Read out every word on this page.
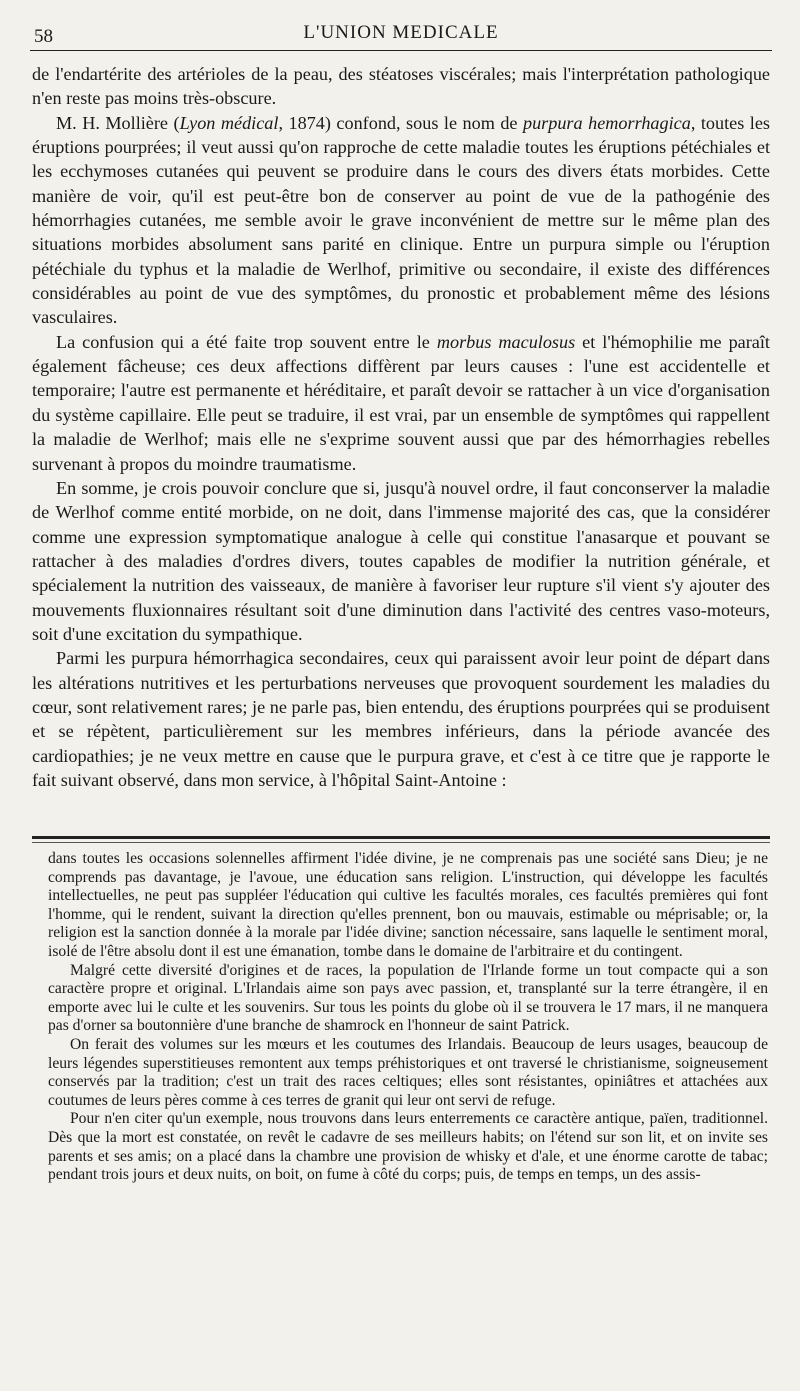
58	L'UNION MEDICALE

de l'endartérite des artérioles de la peau, des stéatoses viscérales; mais l'interprétation pathologique n'en reste pas moins très-obscure.

M. H. Mollière (Lyon médical, 1874) confond, sous le nom de purpura hemorrhagica, toutes les éruptions pourprées; il veut aussi qu'on rapproche de cette maladie toutes les éruptions pétéchiales et les ecchymoses cutanées qui peuvent se produire dans le cours des divers états morbides. Cette manière de voir, qu'il est peut-être bon de conserver au point de vue de la pathogénie des hémorrhagies cutanées, me semble avoir le grave inconvénient de mettre sur le même plan des situations morbides absolument sans parité en clinique. Entre un purpura simple ou l'éruption pétéchiale du typhus et la maladie de Werlhof, primitive ou secondaire, il existe des différences considérables au point de vue des symptômes, du pronostic et probablement même des lésions vasculaires.

La confusion qui a été faite trop souvent entre le morbus maculosus et l'hémophilie me paraît également fâcheuse; ces deux affections diffèrent par leurs causes : l'une est accidentelle et temporaire; l'autre est permanente et héréditaire, et paraît devoir se rattacher à un vice d'organisation du système capillaire. Elle peut se traduire, il est vrai, par un ensemble de symptômes qui rappellent la maladie de Werlhof; mais elle ne s'exprime souvent aussi que par des hémorrhagies rebelles survenant à propos du moindre traumatisme.

En somme, je crois pouvoir conclure que si, jusqu'à nouvel ordre, il faut conconserver la maladie de Werlhof comme entité morbide, on ne doit, dans l'immense majorité des cas, que la considérer comme une expression symptomatique analogue à celle qui constitue l'anasarque et pouvant se rattacher à des maladies d'ordres divers, toutes capables de modifier la nutrition générale, et spécialement la nutrition des vaisseaux, de manière à favoriser leur rupture s'il vient s'y ajouter des mouvements fluxionnaires résultant soit d'une diminution dans l'activité des centres vaso-moteurs, soit d'une excitation du sympathique.

Parmi les purpura hémorrhagica secondaires, ceux qui paraissent avoir leur point de départ dans les altérations nutritives et les perturbations nerveuses que provoquent sourdement les maladies du cœur, sont relativement rares; je ne parle pas, bien entendu, des éruptions pourprées qui se produisent et se répètent, particulièrement sur les membres inférieurs, dans la période avancée des cardiopathies; je ne veux mettre en cause que le purpura grave, et c'est à ce titre que je rapporte le fait suivant observé, dans mon service, à l'hôpital Saint-Antoine :

dans toutes les occasions solennelles affirment l'idée divine, je ne comprenais pas une société sans Dieu; je ne comprends pas davantage, je l'avoue, une éducation sans religion. L'instruction, qui développe les facultés intellectuelles, ne peut pas suppléer l'éducation qui cultive les facultés morales, ces facultés premières qui font l'homme, qui le rendent, suivant la direction qu'elles prennent, bon ou mauvais, estimable ou méprisable; or, la religion est la sanction donnée à la morale par l'idée divine; sanction nécessaire, sans laquelle le sentiment moral, isolé de l'être absolu dont il est une émanation, tombe dans le domaine de l'arbitraire et du contingent.

Malgré cette diversité d'origines et de races, la population de l'Irlande forme un tout compacte qui a son caractère propre et original. L'Irlandais aime son pays avec passion, et, transplanté sur la terre étrangère, il en emporte avec lui le culte et les souvenirs. Sur tous les points du globe où il se trouvera le 17 mars, il ne manquera pas d'orner sa boutonnière d'une branche de shamrock en l'honneur de saint Patrick.

On ferait des volumes sur les mœurs et les coutumes des Irlandais. Beaucoup de leurs usages, beaucoup de leurs légendes superstitieuses remontent aux temps préhistoriques et ont traversé le christianisme, soigneusement conservés par la tradition; c'est un trait des races celtiques; elles sont résistantes, opiniâtres et attachées aux coutumes de leurs pères comme à ces terres de granit qui leur ont servi de refuge.

Pour n'en citer qu'un exemple, nous trouvons dans leurs enterrements ce caractère antique, païen, traditionnel. Dès que la mort est constatée, on revêt le cadavre de ses meilleurs habits; on l'étend sur son lit, et on invite ses parents et ses amis; on a placé dans la chambre une provision de whisky et d'ale, et une énorme carotte de tabac; pendant trois jours et deux nuits, on boit, on fume à côté du corps; puis, de temps en temps, un des assis-
